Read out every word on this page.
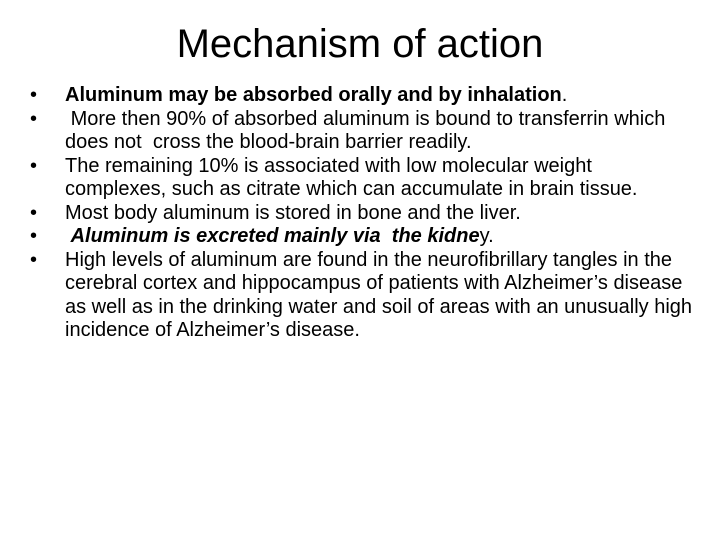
Mechanism of action
•	Aluminum may be absorbed orally and by inhalation.
•	More then 90% of absorbed aluminum is bound to transferrin which does not  cross the blood-brain barrier readily.
•	The remaining 10% is associated with low molecular weight complexes, such as citrate which can accumulate in brain tissue.
•	Most body aluminum is stored in bone and the liver.
•	Aluminum is excreted mainly via  the kidney.
•	High levels of aluminum are found in the neurofibrillary tangles in the cerebral cortex and hippocampus of patients with Alzheimer’s disease as well as in the drinking water and soil of areas with an unusually high incidence of Alzheimer’s disease.
